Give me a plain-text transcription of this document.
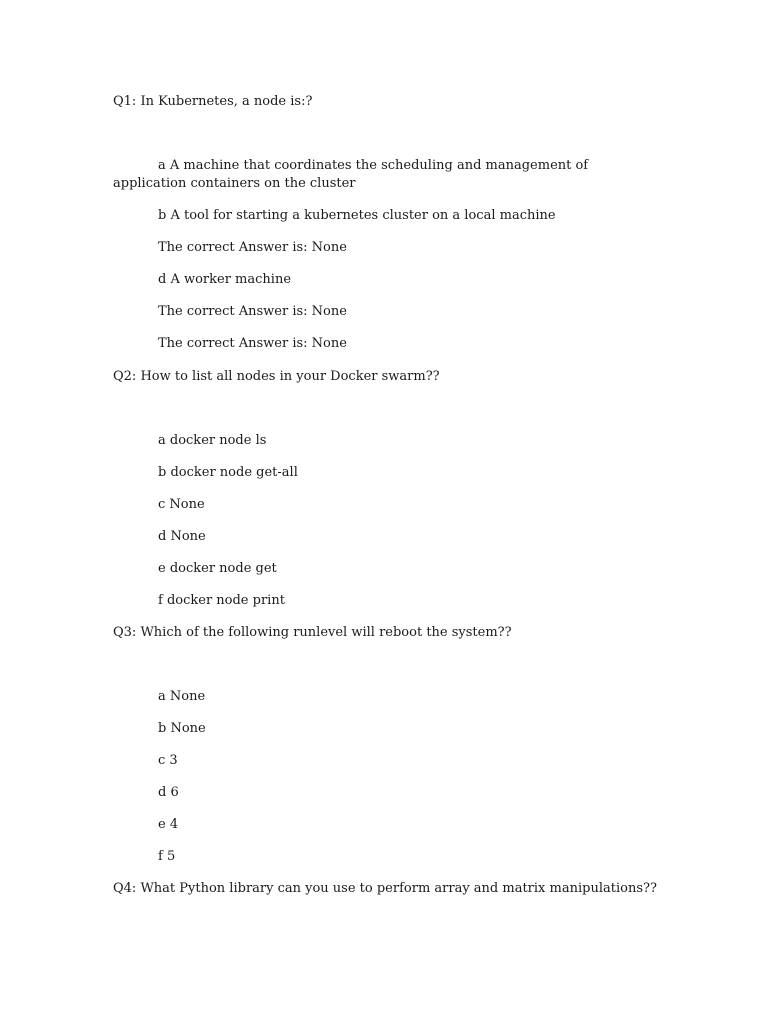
Q1: In Kubernetes, a node is:?
a A machine that coordinates the scheduling and management of application containers on the cluster
b A tool for starting a kubernetes cluster on a local machine
The correct Answer is: None
d A worker machine
The correct Answer is: None
The correct Answer is: None
Q2: How to list all nodes in your Docker swarm??
a docker node ls
b docker node get-all
c None
d None
e docker node get
f docker node print
Q3: Which of the following runlevel will reboot the system??
a None
b None
c 3
d 6
e 4
f 5
Q4: What Python library can you use to perform array and matrix manipulations??
